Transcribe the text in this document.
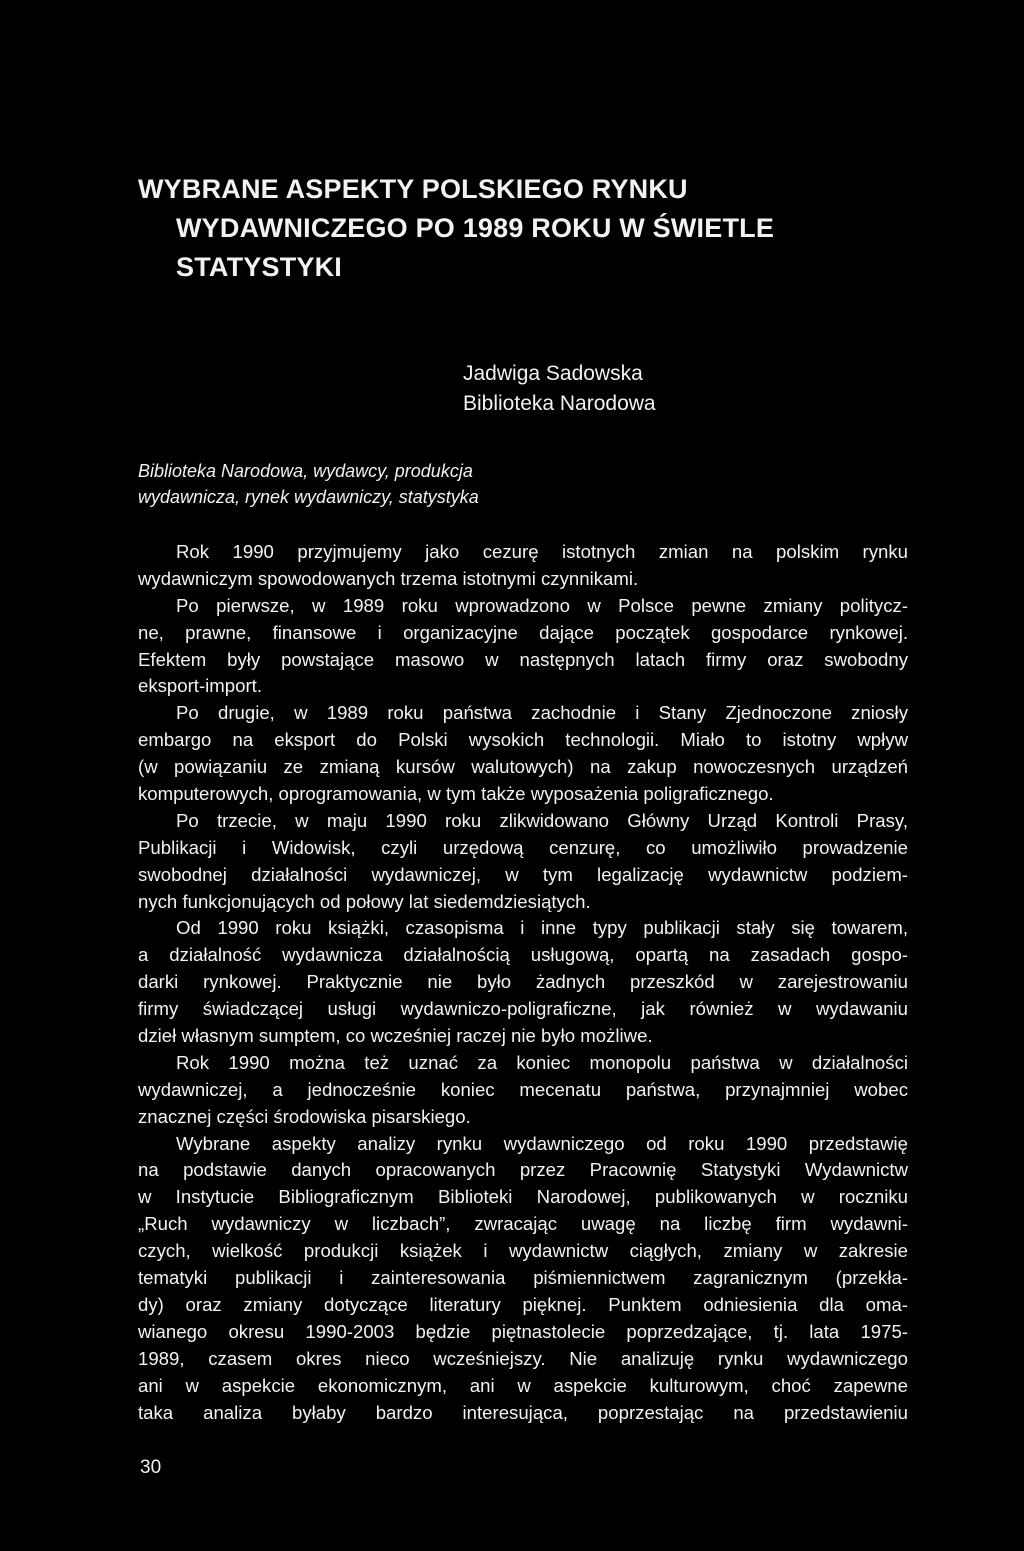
WYBRANE ASPEKTY POLSKIEGO RYNKU
WYDAWNICZEGO PO 1989 ROKU W ŚWIETLE
STATYSTYKI
Jadwiga Sadowska
Biblioteka Narodowa
Biblioteka Narodowa, wydawcy, produkcja
wydawnicza, rynek wydawniczy, statystyka
Rok 1990 przyjmujemy jako cezurę istotnych zmian na polskim rynku
wydawniczym spowodowanych trzema istotnymi czynnikami.
Po pierwsze, w 1989 roku wprowadzono w Polsce pewne zmiany politycz-
ne, prawne, finansowe i organizacyjne dające początek gospodarce rynkowej.
Efektem były powstające masowo w następnych latach firmy oraz swobodny
eksport-import.
Po drugie, w 1989 roku państwa zachodnie i Stany Zjednoczone zniosły
embargo na eksport do Polski wysokich technologii. Miało to istotny wpływ
(w powiązaniu ze zmianą kursów walutowych) na zakup nowoczesnych urządzeń
komputerowych, oprogramowania, w tym także wyposażenia poligraficznego.
Po trzecie, w maju 1990 roku zlikwidowano Główny Urząd Kontroli Prasy,
Publikacji i Widowisk, czyli urzędową cenzurę, co umożliwiło prowadzenie
swobodnej działalności wydawniczej, w tym legalizację wydawnictw podziem-
nych funkcjonujących od połowy lat siedemdziesiątych.
Od 1990 roku książki, czasopisma i inne typy publikacji stały się towarem,
a działalność wydawnicza działalnością usługową, opartą na zasadach gospo-
darki rynkowej. Praktycznie nie było żadnych przeszkód w zarejestrowaniu
firmy świadczącej usługi wydawniczo-poligraficzne, jak również w wydawaniu
dzieł własnym sumptem, co wcześniej raczej nie było możliwe.
Rok 1990 można też uznać za koniec monopolu państwa w działalności
wydawniczej, a jednocześnie koniec mecenatu państwa, przynajmniej wobec
znacznej części środowiska pisarskiego.
Wybrane aspekty analizy rynku wydawniczego od roku 1990 przedstawię
na podstawie danych opracowanych przez Pracownię Statystyki Wydawnictw
w Instytucie Bibliograficznym Biblioteki Narodowej, publikowanych w roczniku
„Ruch wydawniczy w liczbach”, zwracając uwagę na liczbę firm wydawni-
czych, wielkość produkcji książek i wydawnictw ciągłych, zmiany w zakresie
tematyki publikacji i zainteresowania piśmiennictwem zagranicznym (przekła-
dy) oraz zmiany dotyczące literatury pięknej. Punktem odniesienia dla oma-
wianego okresu 1990-2003 będzie piętnastolecie poprzedzające, tj. lata 1975-
1989, czasem okres nieco wcześniejszy. Nie analizuję rynku wydawniczego
ani w aspekcie ekonomicznym, ani w aspekcie kulturowym, choć zapewne
taka analiza byłaby bardzo interesująca, poprzestając na przedstawieniu
30
